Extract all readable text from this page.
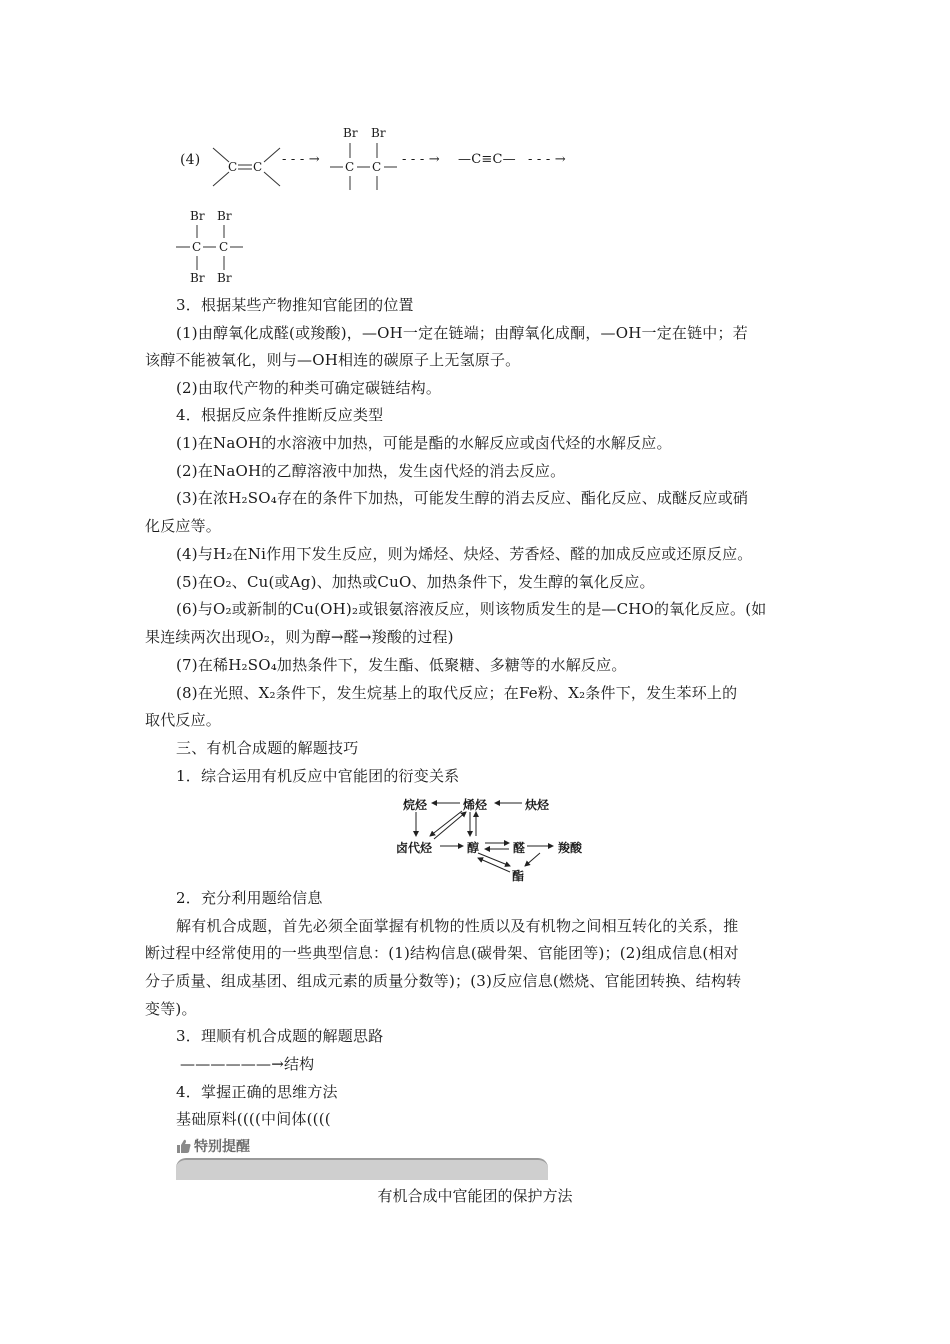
(4) C C - - - →
Br Br
C C - - - → —C≡C— - - - →
Br Br
C C
Br Br
3．根据某些产物推知官能团的位置
(1)由醇氧化成醛(或羧酸)，—OH一定在链端；由醇氧化成酮，—OH一定在链中；若
该醇不能被氧化，则与—OH相连的碳原子上无氢原子。
(2)由取代产物的种类可确定碳链结构。
4．根据反应条件推断反应类型
(1)在NaOH的水溶液中加热，可能是酯的水解反应或卤代烃的水解反应。
(2)在NaOH的乙醇溶液中加热，发生卤代烃的消去反应。
(3)在浓H₂SO₄存在的条件下加热，可能发生醇的消去反应、酯化反应、成醚反应或硝
化反应等。
(4)与H₂在Ni作用下发生反应，则为烯烃、炔烃、芳香烃、醛的加成反应或还原反应。
(5)在O₂、Cu(或Ag)、加热或CuO、加热条件下，发生醇的氧化反应。
(6)与O₂或新制的Cu(OH)₂或银氨溶液反应，则该物质发生的是—CHO的氧化反应。(如
果连续两次出现O₂，则为醇→醛→羧酸的过程)
(7)在稀H₂SO₄加热条件下，发生酯、低聚糖、多糖等的水解反应。
(8)在光照、X₂条件下，发生烷基上的取代反应；在Fe粉、X₂条件下，发生苯环上的
取代反应。
三、有机合成题的解题技巧
1．综合运用有机反应中官能团的衍变关系
烷烃	烯烃	炔烃
卤代烃	醇	醛	羧酸
酯
2．充分利用题给信息
解有机合成题，首先必须全面掌握有机物的性质以及有机物之间相互转化的关系，推
断过程中经常使用的一些典型信息：(1)结构信息(碳骨架、官能团等)；(2)组成信息(相对
分子质量、组成基团、组成元素的质量分数等)；(3)反应信息(燃烧、官能团转换、结构转
变等)。
3．理顺有机合成题的解题思路
——————→结构
4．掌握正确的思维方法
基础原料((((中间体((((
特别提醒
有机合成中官能团的保护方法
